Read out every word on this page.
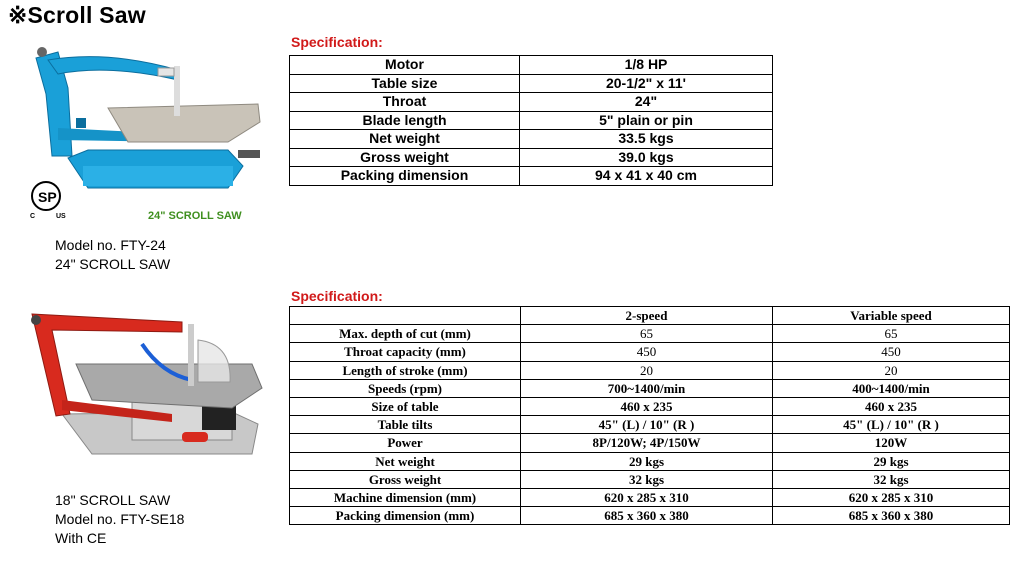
※Scroll Saw
SP
C	US	24" SCROLL SAW
Model no. FTY-24
24" SCROLL SAW
Specification:
Motor	1/8 HP
Table size	20-1/2" x 11'
Throat	24"
Blade length	5" plain or pin
Net weight	33.5 kgs
Gross weight	39.0 kgs
Packing dimension	94 x 41 x 40 cm
18" SCROLL SAW
Model no. FTY-SE18
With CE
Specification:
	2-speed	Variable speed
Max. depth of cut (mm)	65	65
Throat capacity (mm)	450	450
Length of stroke (mm)	20	20
Speeds (rpm)	700~1400/min	400~1400/min
Size of table	460 x 235	460 x 235
Table tilts	45" (L) / 10" (R )	45" (L) / 10" (R )
Power	8P/120W; 4P/150W	120W
Net weight	29 kgs	29 kgs
Gross weight	32 kgs	32 kgs
Machine dimension (mm)	620 x 285 x 310	620 x 285 x 310
Packing dimension (mm)	685 x 360 x 380	685 x 360 x 380
